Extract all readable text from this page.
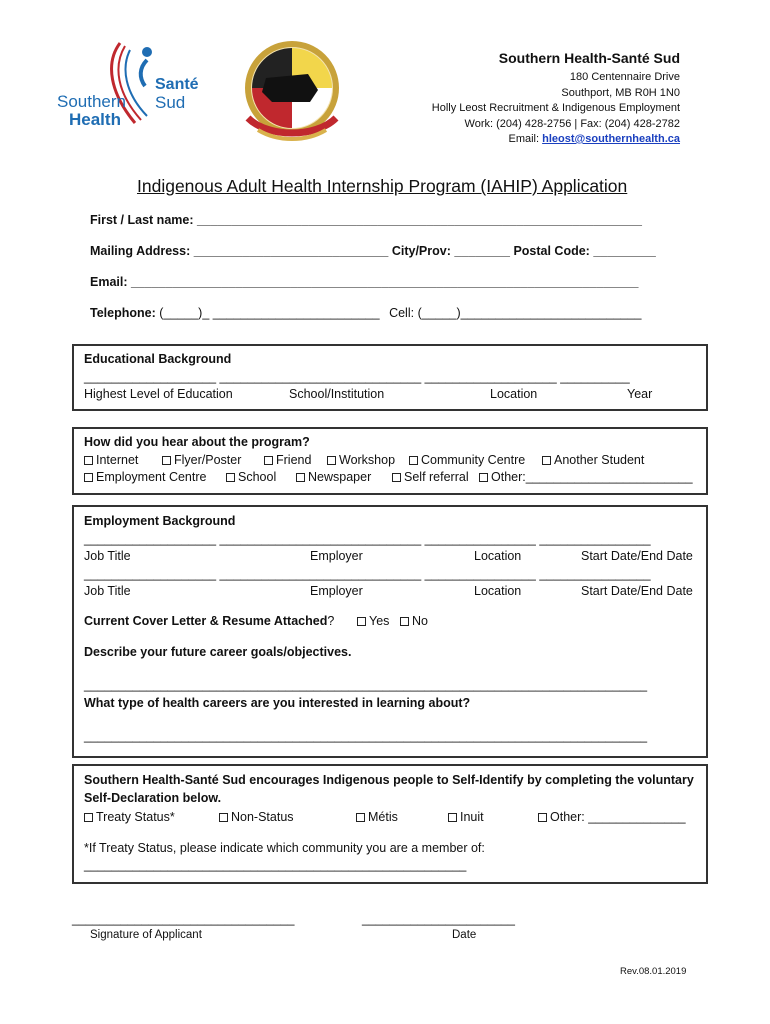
Southern
Health
Santé
Sud
Southern Health-Santé Sud
180 Centennaire Drive
Southport, MB R0H 1N0
Holly Leost Recruitment & Indigenous Employment
Work: (204) 428-2756 | Fax: (204) 428-2782
Email: hleost@southernhealth.ca
Indigenous Adult Health Internship Program (IAHIP) Application
First / Last name: ________________________________________________________________
Mailing Address: ____________________________ City/Prov: ________ Postal Code: _________
Email: _________________________________________________________________________
Telephone: (_____)_ ________________________ Cell: (_____)__________________________
Educational Background
___________________ _____________________________ ___________________ __________
Highest Level of Education	School/Institution	Location	Year
How did you hear about the program?
Internet	Flyer/Poster	Friend	Workshop	Community Centre	Another Student
Employment Centre	School	Newspaper	Self referral	Other:________________________
Employment Background
___________________ _____________________________ ________________ ________________
Job Title	Employer	Location	Start Date/End Date
___________________ _____________________________ ________________ ________________
Job Title	Employer	Location	Start Date/End Date
Current Cover Letter & Resume Attached?	Yes	No
Describe your future career goals/objectives.
_________________________________________________________________________________
What type of health careers are you interested in learning about?
_________________________________________________________________________________
Southern Health-Santé Sud encourages Indigenous people to Self-Identify by completing the voluntary
Self-Declaration below.
Treaty Status*	Non-Status	Métis	Inuit	Other: ______________
*If Treaty Status, please indicate which community you are a member of:
_______________________________________________________
________________________________
Signature of Applicant
______________________
Date
Rev.08.01.2019
